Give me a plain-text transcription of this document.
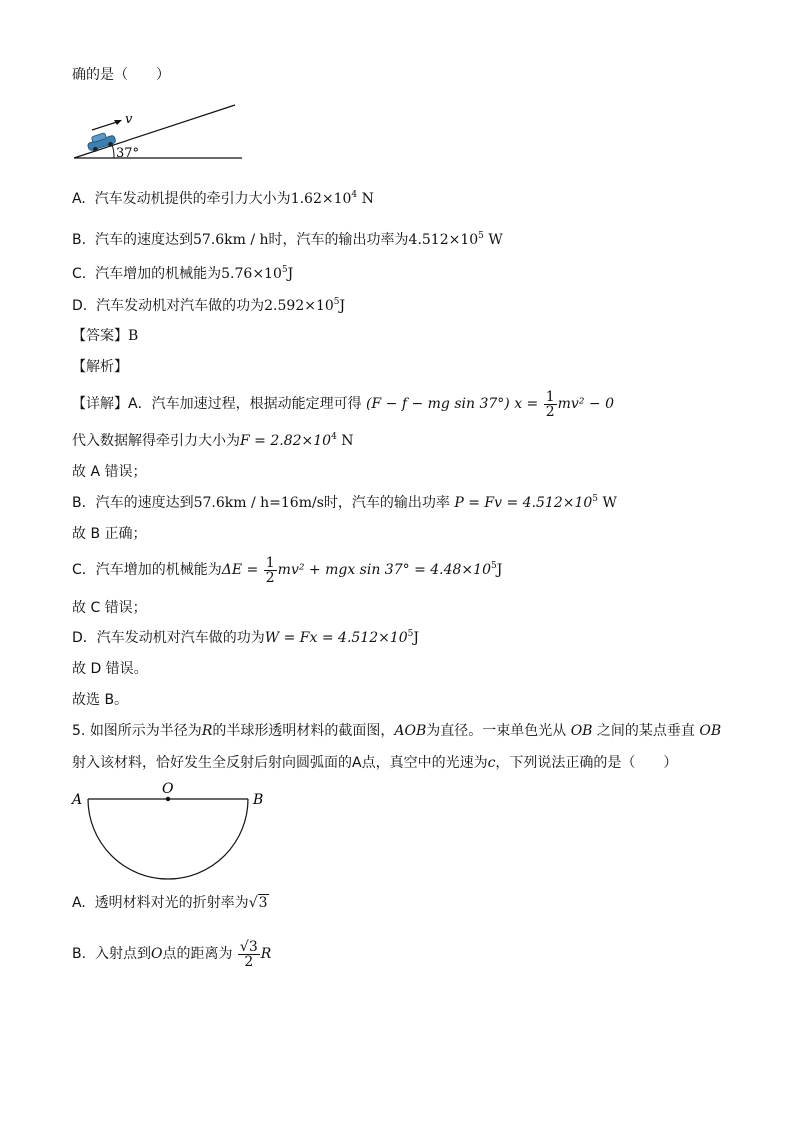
确的是（　　）
v
37°
A. 汽车发动机提供的牵引力大小为$1.62\times 10^4$ N
B. 汽车的速度达到57.6km / h时，汽车的输出功率为$4.512\times 10^5$ W
C. 汽车增加的机械能为$5.76\times 10^5J$
D. 汽车发动机对汽车做的功为$2.592\times 10^5J$
【答案】B
【解析】
【详解】A．汽车加速过程，根据动能定理可得 (F − f − mg sin 37°) $x = \frac{1}{2} mv^2 - 0$
代入数据解得牵引力大小为$F = 2.82\times 10^4$ N
故 A 错误；
B．汽车的速度达到57.6km / h=16m/s时，汽车的输出功率 $P = Fv = 4.512\times 10^5$ W
故 B 正确；
C．汽车增加的机械能为$\Delta E = \frac{1}{2} mv^2$ + mgx $\sin 37^\circ = 4.48\times 10^5J$
故 C 错误；
D．汽车发动机对汽车做的功为$W = Fx = 4.512\times 10^5J$
故 D 错误。
故选 B。
5. 如图所示为半径为R的半球形透明材料的截面图，AOB为直径。一束单色光从 OB 之间的某点垂直 OB
射入该材料，恰好发生全反射后射向圆弧面的A点，真空中的光速为c，下列说法正确的是（　　）
A
O
B
A. 透明材料对光的折射率为√3
B. 入射点到O点的距离为 $\frac{√3}{2}$ R
